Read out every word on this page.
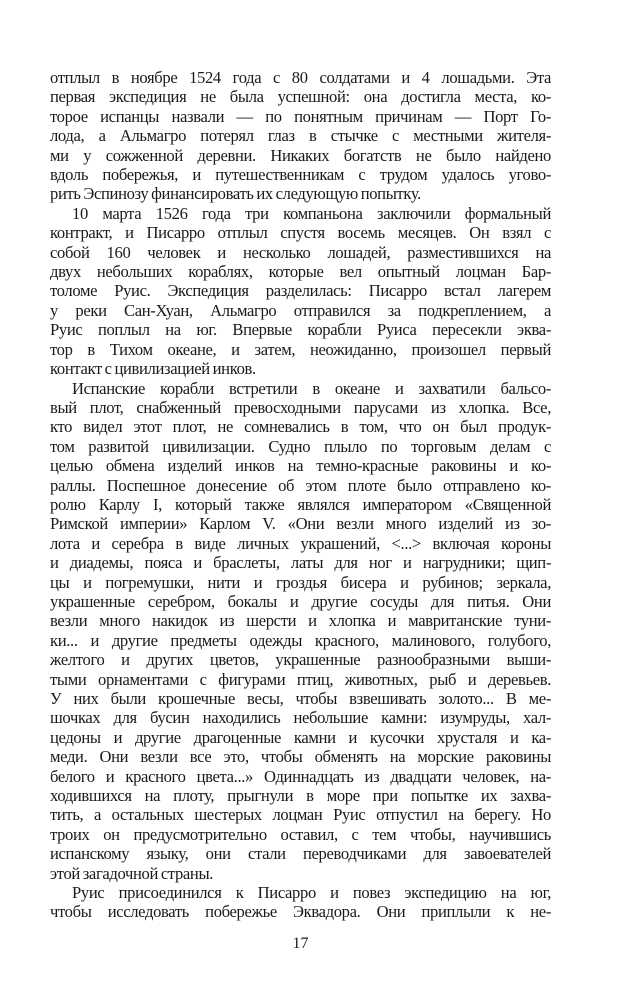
отплыл в ноябре 1524 года с 80 солдатами и 4 лошадьми. Эта
первая экспедиция не была успешной: она достигла места, ко-
торое испанцы назвали — по понятным причинам — Порт Го-
лода, а Альмагро потерял глаз в стычке с местными жителя-
ми у сожженной деревни. Никаких богатств не было найдено
вдоль побережья, и путешественникам с трудом удалось угово-
рить Эспинозу финансировать их следующую попытку.
10 марта 1526 года три компаньона заключили формальный
контракт, и Писарро отплыл спустя восемь месяцев. Он взял с
собой 160 человек и несколько лошадей, разместившихся на
двух небольших кораблях, которые вел опытный лоцман Бар-
толоме Руис. Экспедиция разделилась: Писарро встал лагерем
у реки Сан-Хуан, Альмагро отправился за подкреплением, а
Руис поплыл на юг. Впервые корабли Руиса пересекли эква-
тор в Тихом океане, и затем, неожиданно, произошел первый
контакт с цивилизацией инков.
Испанские корабли встретили в океане и захватили бальсо-
вый плот, снабженный превосходными парусами из хлопка. Все,
кто видел этот плот, не сомневались в том, что он был продук-
том развитой цивилизации. Судно плыло по торговым делам с
целью обмена изделий инков на темно-красные раковины и ко-
раллы. Поспешное донесение об этом плоте было отправлено ко-
ролю Карлу I, который также являлся императором «Священной
Римской империи» Карлом V. «Они везли много изделий из зо-
лота и серебра в виде личных украшений, <...> включая короны
и диадемы, пояса и браслеты, латы для ног и нагрудники; щип-
цы и погремушки, нити и гроздья бисера и рубинов; зеркала,
украшенные серебром, бокалы и другие сосуды для питья. Они
везли много накидок из шерсти и хлопка и мавританские туни-
ки... и другие предметы одежды красного, малинового, голубого,
желтого и других цветов, украшенные разнообразными выши-
тыми орнаментами с фигурами птиц, животных, рыб и деревьев.
У них были крошечные весы, чтобы взвешивать золото... В ме-
шочках для бусин находились небольшие камни: изумруды, хал-
цедоны и другие драгоценные камни и кусочки хрусталя и ка-
меди. Они везли все это, чтобы обменять на морские раковины
белого и красного цвета...» Одиннадцать из двадцати человек, на-
ходившихся на плоту, прыгнули в море при попытке их захва-
тить, а остальных шестерых лоцман Руис отпустил на берегу. Но
троих он предусмотрительно оставил, с тем чтобы, научившись
испанскому языку, они стали переводчиками для завоевателей
этой загадочной страны.
Руис присоединился к Писарро и повез экспедицию на юг,
чтобы исследовать побережье Эквадора. Они приплыли к не-
17
